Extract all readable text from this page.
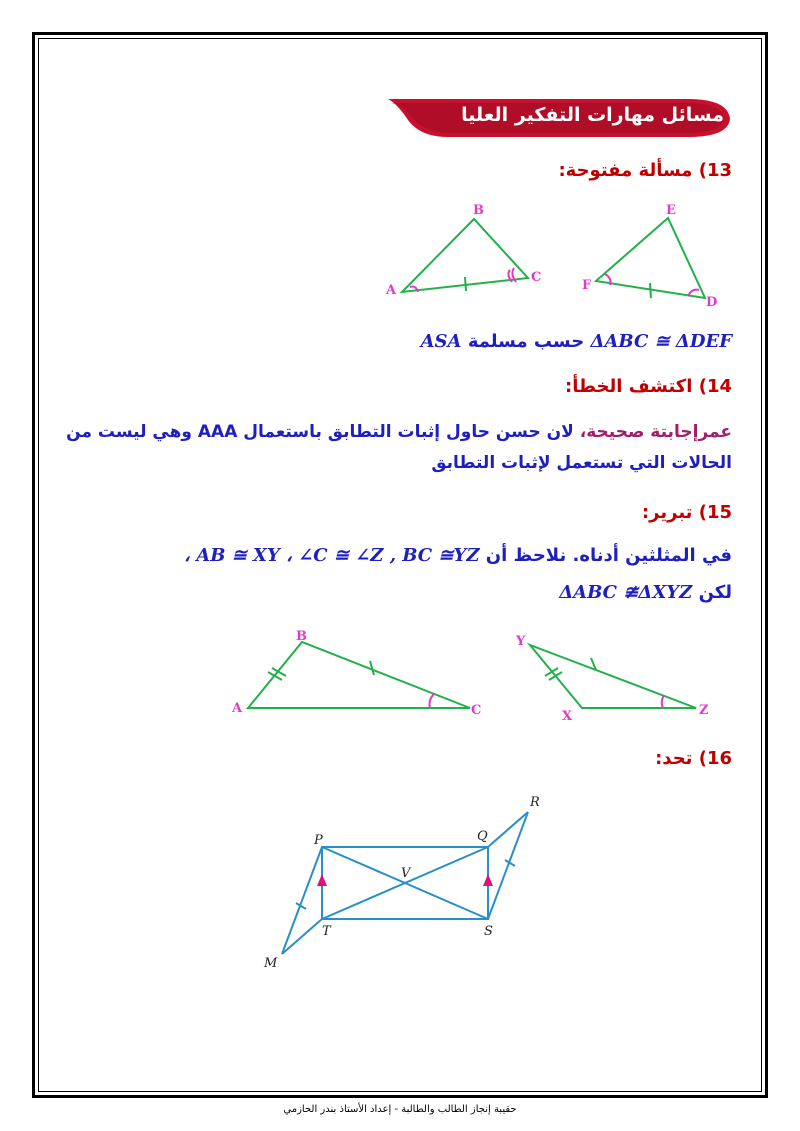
مسائل مهارات التفكير العليا
13) مسألة مفتوحة:
A
B
C
D
E
F
ΔABC ≅ ΔDEF حسب مسلمة ASA
14) اكتشف الخطأ:
عمرإجابتة صحيحة، لان حسن حاول إثبات التطابق باستعمال AAA وهي ليست من
الحالات التي تستعمل لإثبات التطابق
15) تبرير:
في المثلثين أدناه. نلاحظ أن AB ≅ XY ، ∠C ≅ ∠Z , BC ≅YZ ،
لكن ΔABC ≇ΔXYZ
A
B
C	X
Y
Z
16) تحد:
P	Q
R
V
T	S
M
حقيبة إنجاز الطالب والطالبة - إعداد الأستاذ بندر الحازمي
